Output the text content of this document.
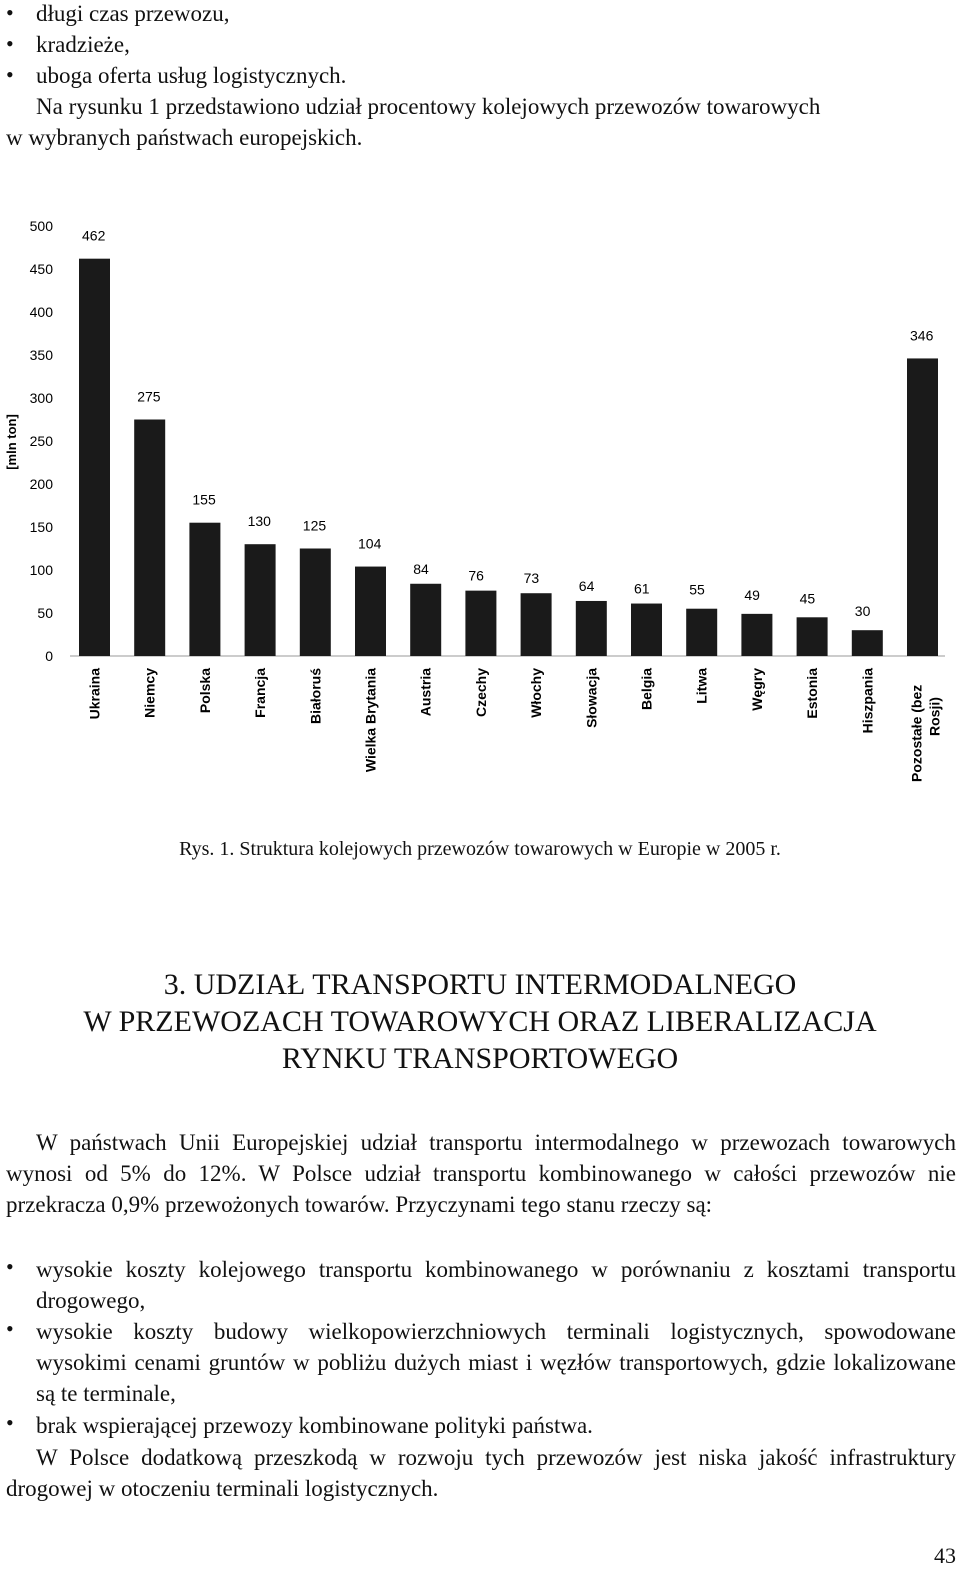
• długi czas przewozu,
• kradzieże,
• uboga oferta usług logistycznych.
Na rysunku 1 przedstawiono udział procentowy kolejowych przewozów towarowych
w wybranych państwach europejskich.
0
50
100
150
200
250
300
350
400
450
500
462
275
155
130 125
104
84	76	73	64	61	55	49	45
30
346
Ukraina	Niemcy	Polska	Francja	Białoruś	Wielka Brytania	Austria	Czechy	Włochy	Słowacja	Belgia	Litwa	Węgry	Estonia	Hiszpania Pozostałe (bez Rosji)
[mln ton]
Rys. 1. Struktura kolejowych przewozów towarowych w Europie w 2005 r.
3. UDZIAŁ TRANSPORTU INTERMODALNEGO
W PRZEWOZACH TOWAROWYCH ORAZ LIBERALIZACJA
RYNKU TRANSPORTOWEGO
W państwach Unii Europejskiej udział transportu intermodalnego w przewozach towarowych wynosi od 5% do 12%. W Polsce udział transportu kombinowanego w całości przewozów nie przekracza 0,9% przewożonych towarów. Przyczynami tego stanu rzeczy są:
• wysokie koszty kolejowego transportu kombinowanego w porównaniu z kosztami transportu drogowego,
• wysokie koszty budowy wielkopowierzchniowych terminali logistycznych, spowodowane wysokimi cenami gruntów w pobliżu dużych miast i węzłów transportowych, gdzie lokalizowane są te terminale,
• brak wspierającej przewozy kombinowane polityki państwa.
W Polsce dodatkową przeszkodą w rozwoju tych przewozów jest niska jakość infrastruktury drogowej w otoczeniu terminali logistycznych.
43
